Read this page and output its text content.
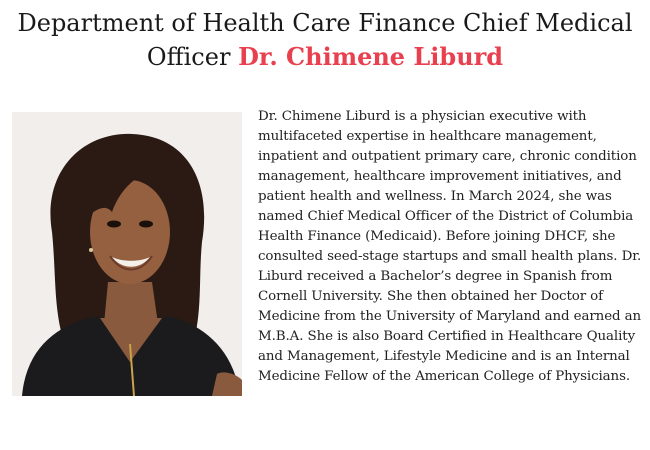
Department of Health Care Finance Chief Medical Officer Dr. Chimene Liburd

Dr. Chimene Liburd is a physician executive with multifaceted expertise in healthcare management, inpatient and outpatient primary care, chronic condition management, healthcare improvement initiatives, and patient health and wellness. In March 2024, she was named Chief Medical Officer of the District of Columbia Health Finance (Medicaid). Before joining DHCF, she consulted seed-stage startups and small health plans. Dr. Liburd received a Bachelor’s degree in Spanish from Cornell University. She then obtained her Doctor of Medicine from the University of Maryland and earned an M.B.A. She is also Board Certified in Healthcare Quality and Management, Lifestyle Medicine and is an Internal Medicine Fellow of the American College of Physicians.
